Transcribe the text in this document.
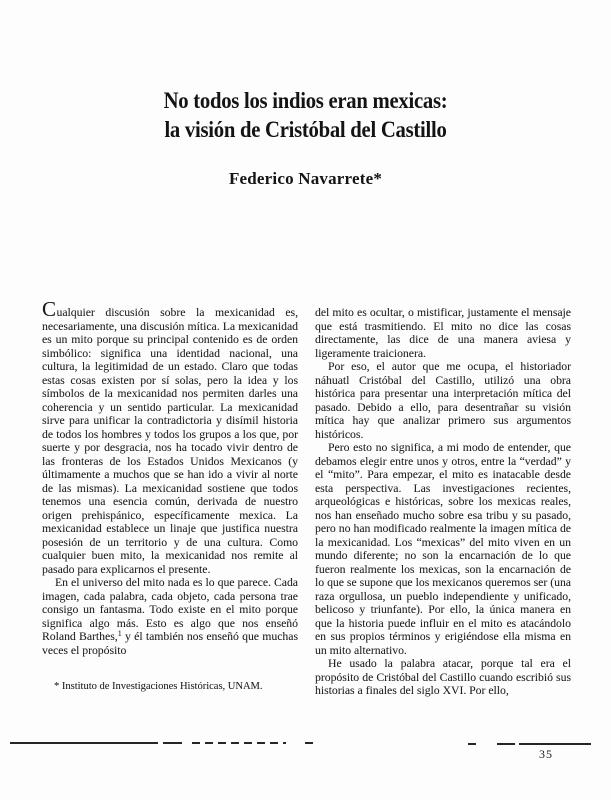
No todos los indios eran mexicas:
la visión de Cristóbal del Castillo
Federico Navarrete*

Cualquier discusión sobre la mexicanidad es, necesariamente, una discusión mítica. La mexicanidad es un mito porque su principal contenido es de orden simbólico: significa una identidad nacional, una cultura, la legitimidad de un estado. Claro que todas estas cosas existen por sí solas, pero la idea y los símbolos de la mexicanidad nos permiten darles una coherencia y un sentido particular. La mexicanidad sirve para unificar la contradictoria y disímil historia de todos los hombres y todos los grupos a los que, por suerte y por desgracia, nos ha tocado vivir dentro de las fronteras de los Estados Unidos Mexicanos (y últimamente a muchos que se han ido a vivir al norte de las mismas). La mexicanidad sostiene que todos tenemos una esencia común, derivada de nuestro origen prehispánico, específicamente mexica. La mexicanidad establece un linaje que justifica nuestra posesión de un territorio y de una cultura. Como cualquier buen mito, la mexicanidad nos remite al pasado para explicarnos el presente.

En el universo del mito nada es lo que parece. Cada imagen, cada palabra, cada objeto, cada persona trae consigo un fantasma. Todo existe en el mito porque significa algo más. Esto es algo que nos enseñó Roland Barthes,$^1$ y él también nos enseñó que muchas veces el propósito

* Instituto de Investigaciones Históricas, UNAM.

del mito es ocultar, o mistificar, justamente el mensaje que está trasmitiendo. El mito no dice las cosas directamente, las dice de una manera aviesa y ligeramente traicionera.

Por eso, el autor que me ocupa, el historiador náhuatl Cristóbal del Castillo, utilizó una obra histórica para presentar una interpretación mítica del pasado. Debido a ello, para desentrañar su visión mítica hay que analizar primero sus argumentos históricos.

Pero esto no significa, a mi modo de entender, que debamos elegir entre unos y otros, entre la “verdad” y el “mito”. Para empezar, el mito es inatacable desde esta perspectiva. Las investigaciones recientes, arqueológicas e históricas, sobre los mexicas reales, nos han enseñado mucho sobre esa tribu y su pasado, pero no han modificado realmente la imagen mítica de la mexicanidad. Los “mexicas” del mito viven en un mundo diferente; no son la encarnación de lo que fueron realmente los mexicas, son la encarnación de lo que se supone que los mexicanos queremos ser (una raza orgullosa, un pueblo independiente y unificado, belicoso y triunfante). Por ello, la única manera en que la historia puede influir en el mito es atacándolo en sus propios términos y erigiéndose ella misma en un mito alternativo.

He usado la palabra atacar, porque tal era el propósito de Cristóbal del Castillo cuando escribió sus historias a finales del siglo XVI. Por ello,

35
